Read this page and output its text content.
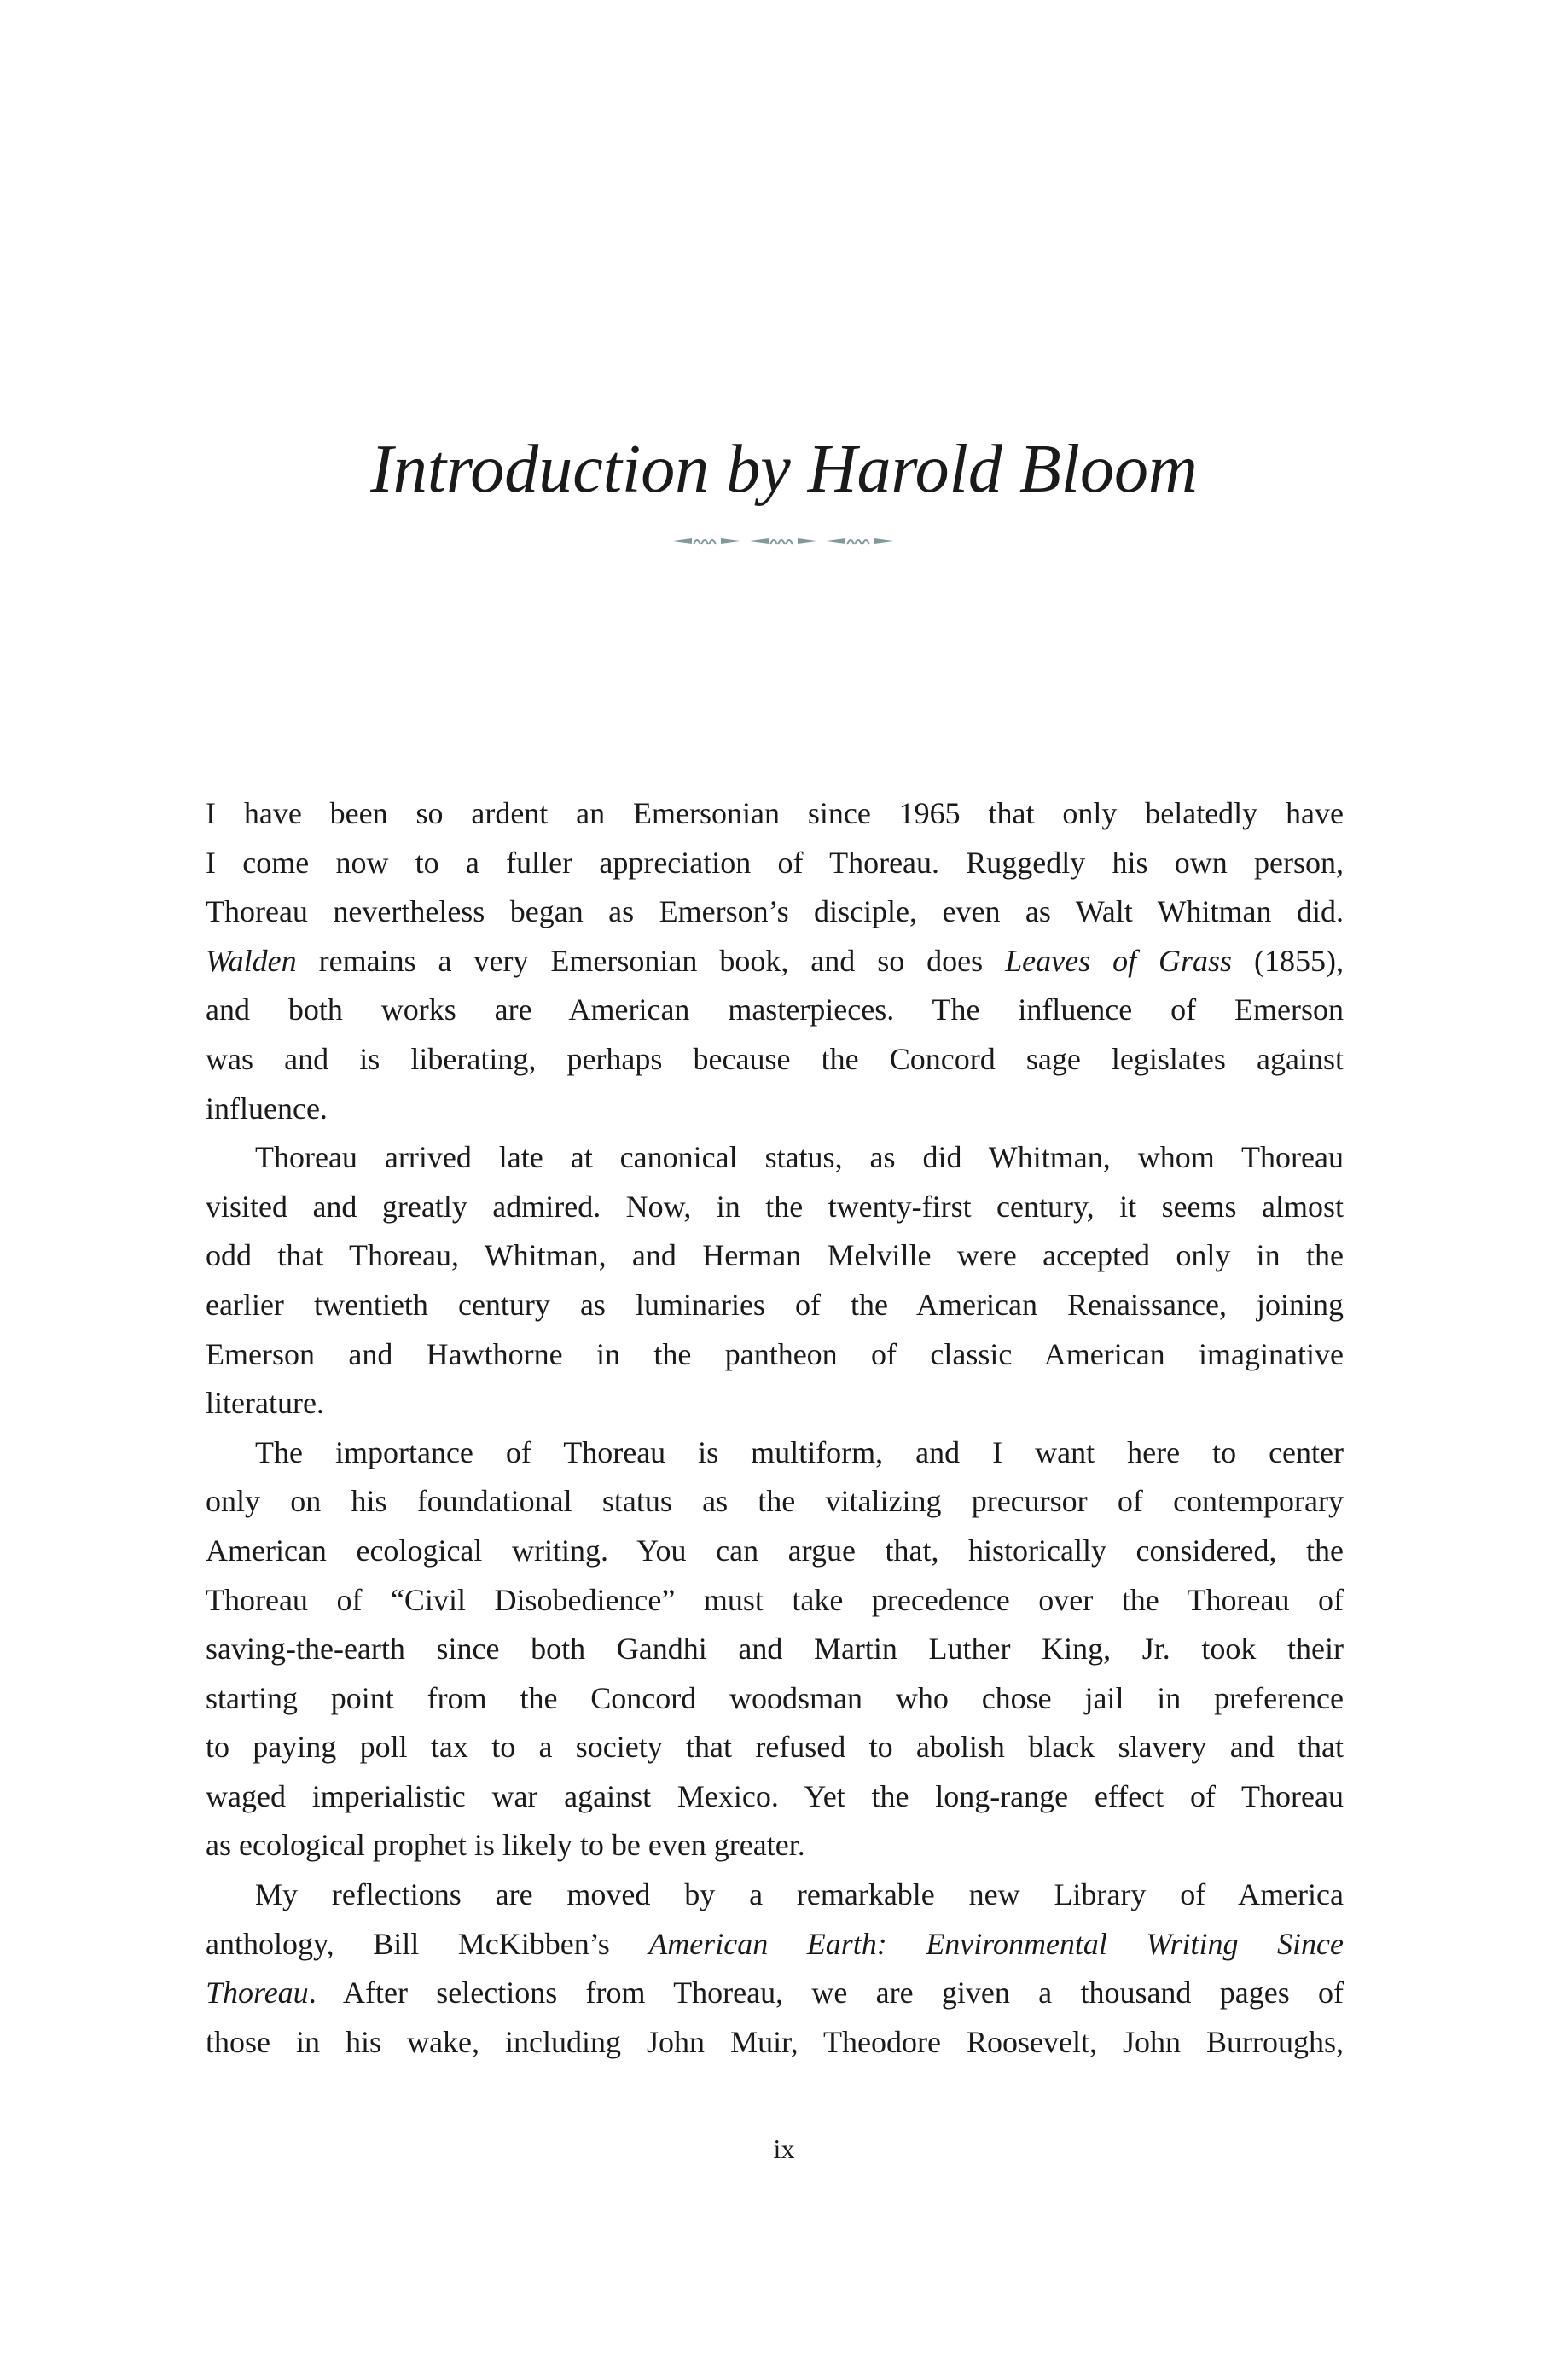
Introduction by Harold Bloom
I have been so ardent an Emersonian since 1965 that only belatedly have
I come now to a fuller appreciation of Thoreau. Ruggedly his own person,
Thoreau nevertheless began as Emerson’s disciple, even as Walt Whitman did.
Walden remains a very Emersonian book, and so does Leaves of Grass (1855),
and both works are American masterpieces. The influence of Emerson
was and is liberating, perhaps because the Concord sage legislates against
influence.
Thoreau arrived late at canonical status, as did Whitman, whom Thoreau
visited and greatly admired. Now, in the twenty-first century, it seems almost
odd that Thoreau, Whitman, and Herman Melville were accepted only in the
earlier twentieth century as luminaries of the American Renaissance, joining
Emerson and Hawthorne in the pantheon of classic American imaginative
literature.
The importance of Thoreau is multiform, and I want here to center
only on his foundational status as the vitalizing precursor of contemporary
American ecological writing. You can argue that, historically considered, the
Thoreau of “Civil Disobedience” must take precedence over the Thoreau of
saving-the-earth since both Gandhi and Martin Luther King, Jr. took their
starting point from the Concord woodsman who chose jail in preference
to paying poll tax to a society that refused to abolish black slavery and that
waged imperialistic war against Mexico. Yet the long-range effect of Thoreau
as ecological prophet is likely to be even greater.
My reflections are moved by a remarkable new Library of America
anthology, Bill McKibben’s American Earth: Environmental Writing Since
Thoreau. After selections from Thoreau, we are given a thousand pages of
those in his wake, including John Muir, Theodore Roosevelt, John Burroughs,
ix
